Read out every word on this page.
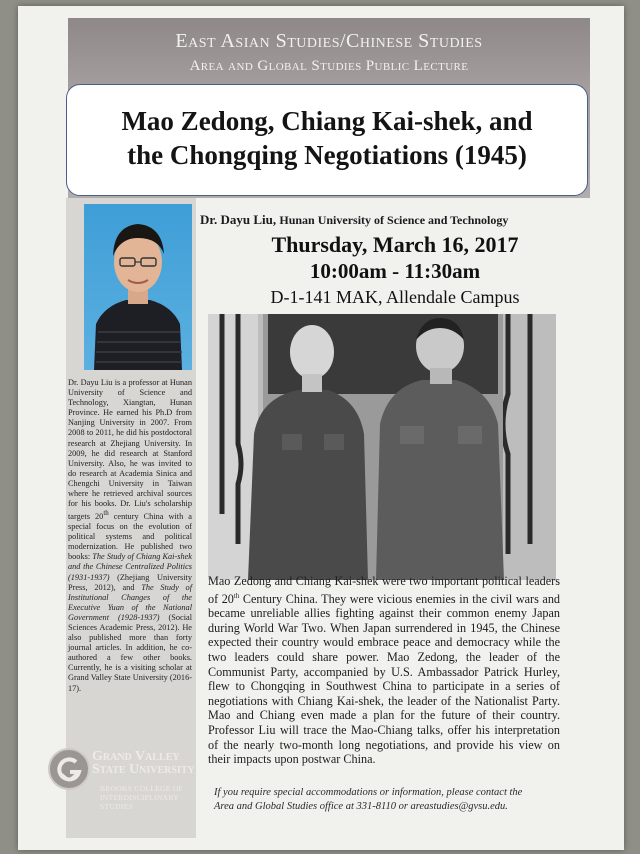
East Asian Studies/Chinese Studies
Area and Global Studies Public Lecture
Mao Zedong, Chiang Kai-shek, and
the Chongqing Negotiations (1945)
Dr. Dayu Liu is a professor at Hunan University of Science and Technology, Xiangtan, Hunan Province. He earned his Ph.D from Nanjing University in 2007. From 2008 to 2011, he did his postdoctoral research at Zhejiang University. In 2009, he did research at Stanford University. Also, he was invited to do research at Academia Sinica and Chengchi University in Taiwan where he retrieved archival sources for his books. Dr. Liu's scholarship targets 20th century China with a special focus on the evolution of political systems and political modernization. He published two books: The Study of Chiang Kai-shek and the Chinese Centralized Politics (1931-1937) (Zhejiang University Press, 2012), and The Study of Institutional Changes of the Executive Yuan of the National Government (1928-1937) (Social Sciences Academic Press, 2012). He also published more than forty journal articles. In addition, he co-authored a few other books. Currently, he is a visiting scholar at Grand Valley State University (2016-17).
Dr. Dayu Liu, Hunan University of Science and Technology
Thursday, March 16, 2017
10:00am - 11:30am
D-1-141 MAK, Allendale Campus
Mao Zedong and Chiang Kai-shek were two important political leaders of 20th Century China. They were vicious enemies in the civil wars and became unreliable allies fighting against their common enemy Japan during World War Two. When Japan surrendered in 1945, the Chinese expected their country would embrace peace and democracy while the two leaders could share power. Mao Zedong, the leader of the Communist Party, accompanied by U.S. Ambassador Patrick Hurley, flew to Chongqing in Southwest China to participate in a series of negotiations with Chiang Kai-shek, the leader of the Nationalist Party. Mao and Chiang even made a plan for the future of their country. Professor Liu will trace the Mao-Chiang talks, offer his interpretation of the nearly two-month long negotiations, and provide his view on their impacts upon postwar China.
Grand Valley
State University
BROOKS COLLEGE OF
INTERDISCIPLINARY
STUDIES
If you require special accommodations or information, please contact the
Area and Global Studies office at 331-8110 or areastudies@gvsu.edu.
